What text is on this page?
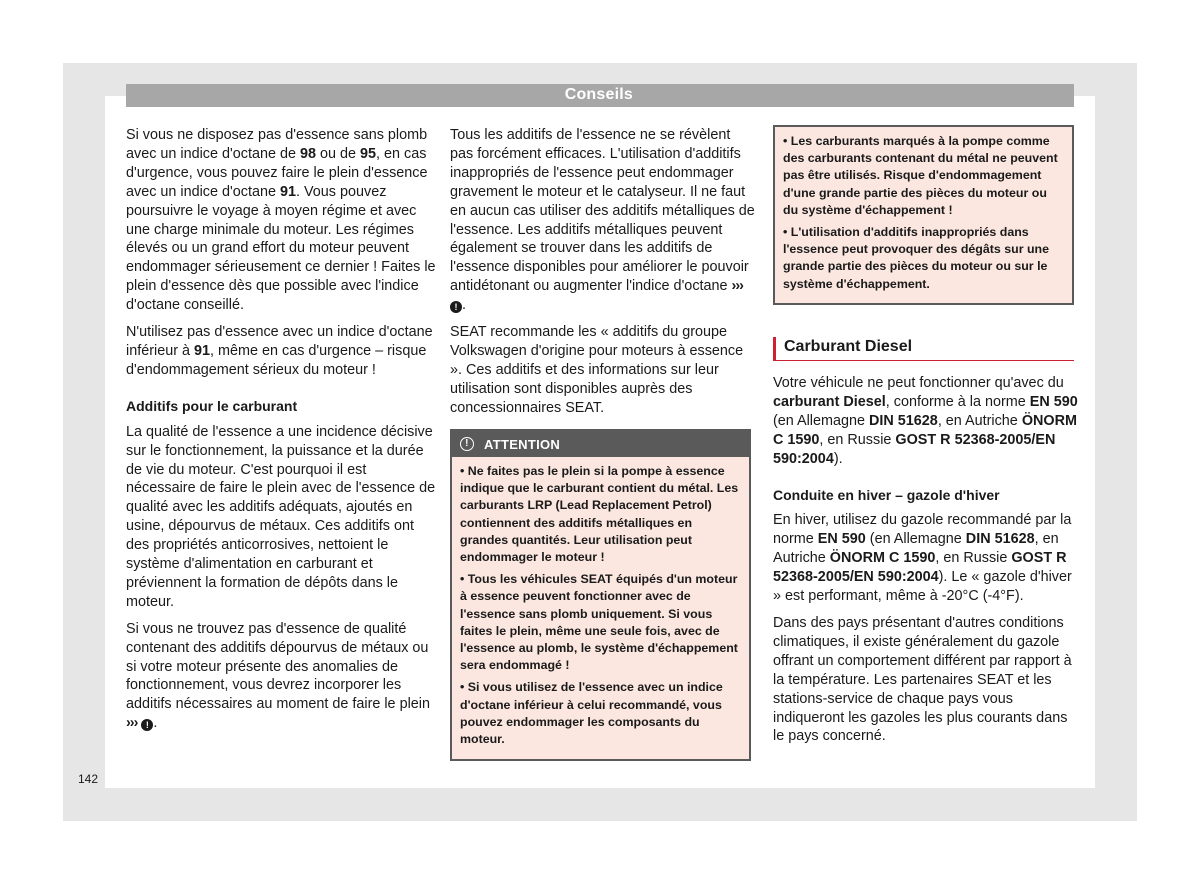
Conseils

Si vous ne disposez pas d'essence sans plomb avec un indice d'octane de 98 ou de 95, en cas d'urgence, vous pouvez faire le plein d'essence avec un indice d'octane 91. Vous pouvez poursuivre le voyage à moyen régime et avec une charge minimale du moteur. Les régimes élevés ou un grand effort du moteur peuvent endommager sérieusement ce dernier ! Faites le plein d'essence dès que possible avec l'indice d'octane conseillé.

N'utilisez pas d'essence avec un indice d'octane inférieur à 91, même en cas d'urgence – risque d'endommagement sérieux du moteur !

Additifs pour le carburant

La qualité de l'essence a une incidence décisive sur le fonctionnement, la puissance et la durée de vie du moteur. C'est pourquoi il est nécessaire de faire le plein avec de l'essence de qualité avec les additifs adéquats, ajoutés en usine, dépourvus de métaux. Ces additifs ont des propriétés anticorrosives, nettoient le système d'alimentation en carburant et préviennent la formation de dépôts dans le moteur.

Si vous ne trouvez pas d'essence de qualité contenant des additifs dépourvus de métaux ou si votre moteur présente des anomalies de fonctionnement, vous devrez incorporer les additifs nécessaires au moment de faire le plein ››› ! .

Tous les additifs de l'essence ne se révèlent pas forcément efficaces. L'utilisation d'additifs inappropriés de l'essence peut endommager gravement le moteur et le catalyseur. Il ne faut en aucun cas utiliser des additifs métalliques de l'essence. Les additifs métalliques peuvent également se trouver dans les additifs de l'essence disponibles pour améliorer le pouvoir antidétonant ou augmenter l'indice d'octane ››› ! .

SEAT recommande les « additifs du groupe Volkswagen d'origine pour moteurs à essence ». Ces additifs et des informations sur leur utilisation sont disponibles auprès des concessionnaires SEAT.

!	ATTENTION

• Ne faites pas le plein si la pompe à essence indique que le carburant contient du métal. Les carburants LRP (Lead Replacement Petrol) contiennent des additifs métalliques en grandes quantités. Leur utilisation peut endommager le moteur !

• Tous les véhicules SEAT équipés d'un moteur à essence peuvent fonctionner avec de l'essence sans plomb uniquement. Si vous faites le plein, même une seule fois, avec de l'essence au plomb, le système d'échappement sera endommagé !

• Si vous utilisez de l'essence avec un indice d'octane inférieur à celui recommandé, vous pouvez endommager les composants du moteur.

• Les carburants marqués à la pompe comme des carburants contenant du métal ne peuvent pas être utilisés. Risque d'endommagement d'une grande partie des pièces du moteur ou du système d'échappement !

• L'utilisation d'additifs inappropriés dans l'essence peut provoquer des dégâts sur une grande partie des pièces du moteur ou sur le système d'échappement.

Carburant Diesel

Votre véhicule ne peut fonctionner qu'avec du carburant Diesel, conforme à la norme EN 590 (en Allemagne DIN 51628, en Autriche ÖNORM C 1590, en Russie GOST R 52368-2005/EN 590:2004).

Conduite en hiver – gazole d'hiver

En hiver, utilisez du gazole recommandé par la norme EN 590 (en Allemagne DIN 51628, en Autriche ÖNORM C 1590, en Russie GOST R 52368-2005/EN 590:2004). Le « gazole d'hiver » est performant, même à -20°C (-4°F).

Dans des pays présentant d'autres conditions climatiques, il existe généralement du gazole offrant un comportement différent par rapport à la température. Les partenaires SEAT et les stations-service de chaque pays vous indiqueront les gazoles les plus courants dans le pays concerné.

142
